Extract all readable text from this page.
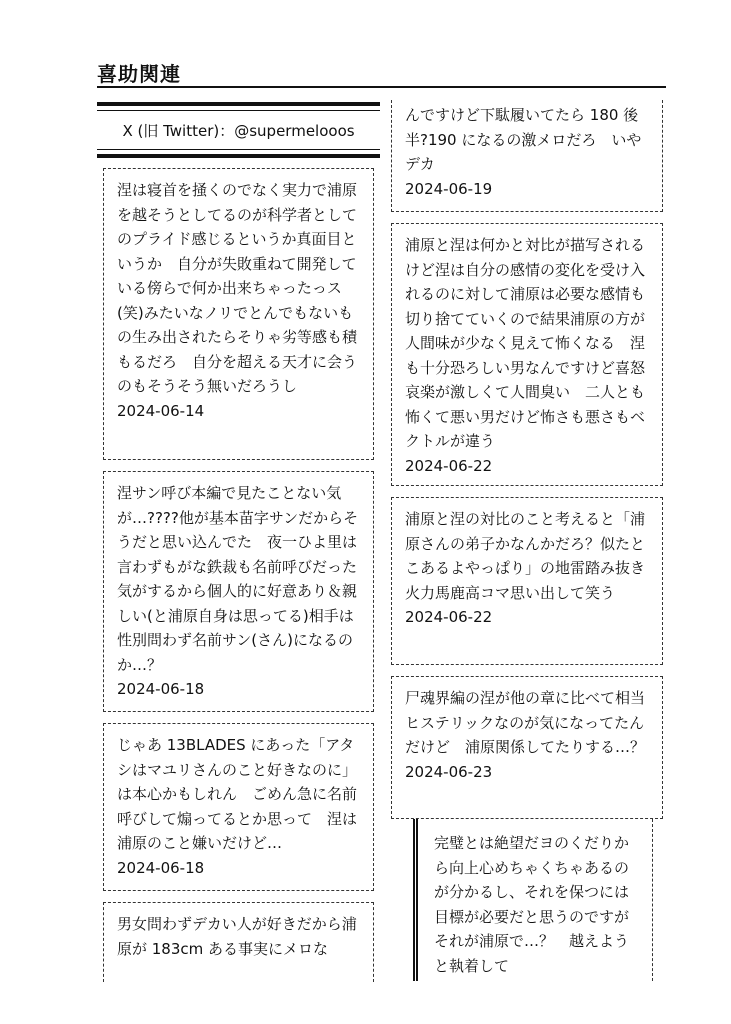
喜助関連
X (旧 Twitter)：@supermelooos
涅は寝首を掻くのでなく実力で浦原を越そうとしてるのが科学者としてのプライド感じるというか真面目というか　自分が失敗重ねて開発している傍らで何か出来ちゃったっス(笑)みたいなノリでとんでもないもの生み出されたらそりゃ劣等感も積もるだろ　自分を超える天才に会うのもそうそう無いだろうし
2024-06-14
涅サン呼び本編で見たことない気が…????他が基本苗字サンだからそうだと思い込んでた　夜一ひよ里は言わずもがな鉄裁も名前呼びだった気がするから個人的に好意あり＆親しい(と浦原自身は思ってる)相手は性別問わず名前サン(さん)になるのか…？
2024-06-18
じゃあ 13BLADES にあった「アタシはマユリさんのこと好きなのに」は本心かもしれん　ごめん急に名前呼びして煽ってるとか思って　涅は浦原のこと嫌いだけど…
2024-06-18
男女問わずデカい人が好きだから浦原が 183cm ある事実にメロな
んですけど下駄履いてたら 180 後半?190 になるの激メロだろ　いやデカ
2024-06-19
浦原と涅は何かと対比が描写されるけど涅は自分の感情の変化を受け入れるのに対して浦原は必要な感情も切り捨てていくので結果浦原の方が人間味が少なく見えて怖くなる　涅も十分恐ろしい男なんですけど喜怒哀楽が激しくて人間臭い　二人とも怖くて悪い男だけど怖さも悪さもベクトルが違う
2024-06-22
浦原と涅の対比のこと考えると「浦原さんの弟子かなんかだろ？似たとこあるよやっぱり」の地雷踏み抜き火力馬鹿高コマ思い出して笑う
2024-06-22
尸魂界編の涅が他の章に比べて相当ヒステリックなのが気になってたんだけど　浦原関係してたりする…？
2024-06-23
完璧とは絶望だヨのくだりから向上心めちゃくちゃあるのが分かるし、それを保つには目標が必要だと思うのですがそれが浦原で…？　越えようと執着して
